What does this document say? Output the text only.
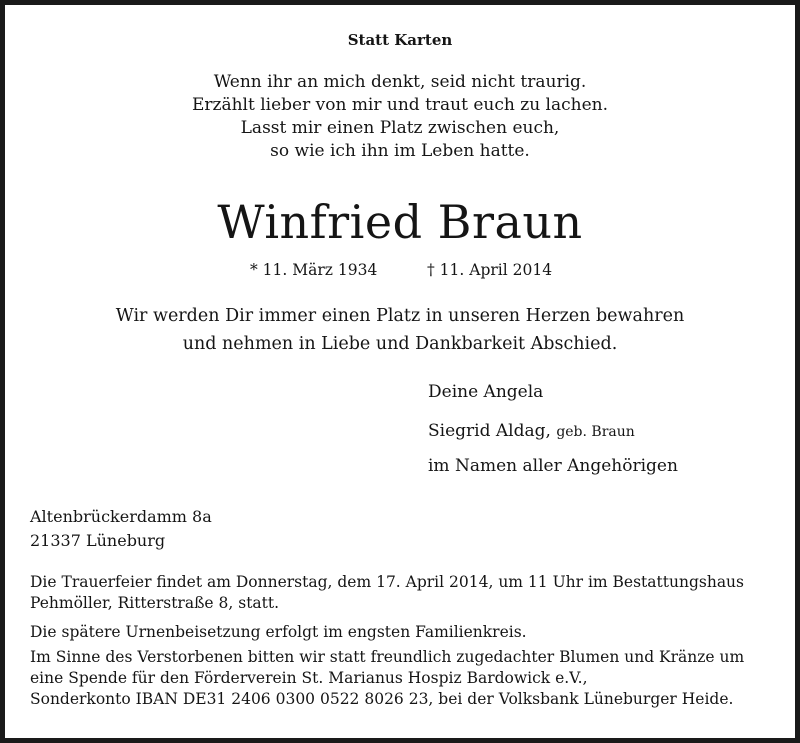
Statt Karten
Wenn ihr an mich denkt, seid nicht traurig.
Erzählt lieber von mir und traut euch zu lachen.
Lasst mir einen Platz zwischen euch,
so wie ich ihn im Leben hatte.
Winfried Braun
* 11. März 1934	† 11. April 2014
Wir werden Dir immer einen Platz in unseren Herzen bewahren
und nehmen in Liebe und Dankbarkeit Abschied.
Deine Angela
Siegrid Aldag, geb. Braun
im Namen aller Angehörigen
Altenbrückerdamm 8a
21337 Lüneburg
Die Trauerfeier findet am Donnerstag, dem 17. April 2014, um 11 Uhr im Bestattungshaus
Pehmöller, Ritterstraße 8, statt.
Die spätere Urnenbeisetzung erfolgt im engsten Familienkreis.
Im Sinne des Verstorbenen bitten wir statt freundlich zugedachter Blumen und Kränze um
eine Spende für den Förderverein St. Marianus Hospiz Bardowick e.V.,
Sonderkonto IBAN DE31 2406 0300 0522 8026 23, bei der Volksbank Lüneburger Heide.
